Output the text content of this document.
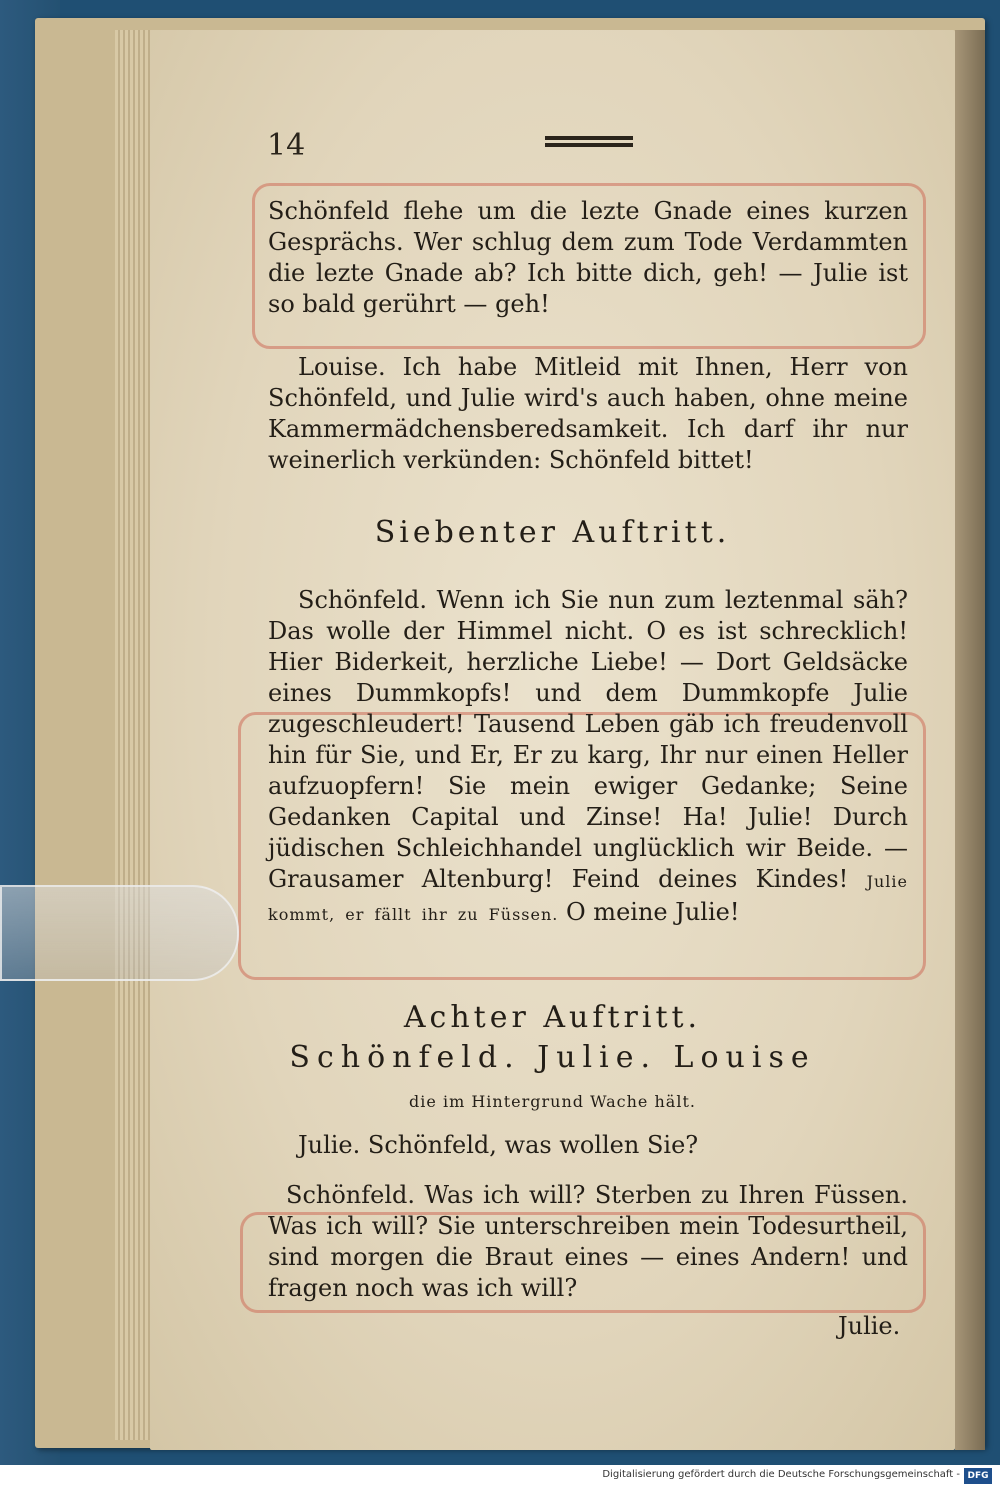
14
Schönfeld flehe um die lezte Gnade eines kurzen Gesprächs. Wer schlug dem zum Tode Verdammten die lezte Gnade ab? Ich bitte dich, geh! — Julie ist so bald gerührt — geh!
Louise. Ich habe Mitleid mit Ihnen, Herr von Schönfeld, und Julie wird's auch haben, ohne meine Kammermädchensberedsamkeit. Ich darf ihr nur weinerlich verkünden: Schönfeld bittet!
Siebenter Auftritt.
Schönfeld. Wenn ich Sie nun zum leztenmal säh? Das wolle der Himmel nicht. O es ist schrecklich! Hier Biderkeit, herzliche Liebe! — Dort Geldsäcke eines Dummkopfs! und dem Dummkopfe Julie zugeschleudert! Tausend Leben gäb ich freudenvoll hin für Sie, und Er, Er zu karg, Ihr nur einen Heller aufzuopfern! Sie mein ewiger Gedanke; Seine Gedanken Capital und Zinse! Ha! Julie! Durch jüdischen Schleichhandel unglücklich wir Beide. — Grausamer Altenburg! Feind deines Kindes! Julie kommt, er fällt ihr zu Füssen. O meine Julie!
Achter Auftritt.
Schönfeld. Julie. Louise
die im Hintergrund Wache hält.
Julie. Schönfeld, was wollen Sie?
Schönfeld. Was ich will? Sterben zu Ihren Füssen. Was ich will? Sie unterschreiben mein Todesurtheil, sind morgen die Braut eines — eines Andern! und fragen noch was ich will?
Julie.
Digitalisierung gefördert durch die Deutsche Forschungsgemeinschaft - DFG
